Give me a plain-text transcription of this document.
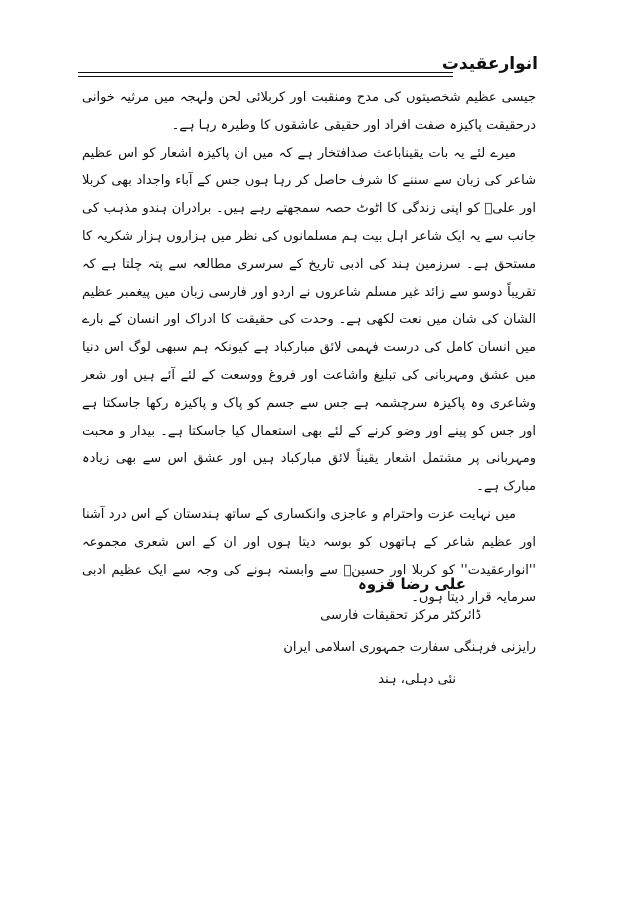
انوارعقیدت

جیسی عظیم شخصیتوں کی مدح ومنقبت اور کربلائی لحن ولہجہ میں مرثیہ خوانی درحقیقت پاکیزہ صفت افراد اور حقیقی عاشقوں کا وطیرہ رہا ہے۔

میرے لئے یہ بات یقیناباعث صدافتخار ہے کہ میں ان پاکیزہ اشعار کو اس عظیم شاعر کی زبان سے سننے کا شرف حاصل کر رہا ہوں جس کے آباء واجداد بھی کربلا اور علیؑ کو اپنی زندگی کا اٹوٹ حصہ سمجھتے رہے ہیں۔ برادران ہندو مذہب کی جانب سے یہ ایک شاعر اہل بیت ہم مسلمانوں کی نظر میں ہزاروں ہزار شکریہ کا مستحق ہے۔ سرزمین ہند کی ادبی تاریخ کے سرسری مطالعہ سے پتہ چلتا ہے کہ تقریباً دوسو سے زائد غیر مسلم شاعروں نے اردو اور فارسی زبان میں پیغمبر عظیم الشان کی شان میں نعت لکھی ہے۔ وحدت کی حقیقت کا ادراک اور انسان کے بارے میں انسان کامل کی درست فہمی لائق مبارکباد ہے کیونکہ ہم سبھی لوگ اس دنیا میں عشق ومہربانی کی تبلیغ واشاعت اور فروغ ووسعت کے لئے آئے ہیں اور شعر وشاعری وہ پاکیزہ سرچشمہ ہے جس سے جسم کو پاک و پاکیزہ رکھا جاسکتا ہے اور جس کو پینے اور وضو کرنے کے لئے بھی استعمال کیا جاسکتا ہے۔ بیدار و محبت ومہربانی پر مشتمل اشعار یقیناً لائق مبارکباد ہیں اور عشق اس سے بھی زیادہ مبارک ہے۔

میں نہایت عزت واحترام و عاجزی وانکساری کے ساتھ ہندستان کے اس درد آشنا اور عظیم شاعر کے ہاتھوں کو بوسہ دیتا ہوں اور ان کے اس شعری مجموعہ ''انوارعقیدت'' کو کربلا اور حسینؑ سے وابستہ ہونے کی وجہ سے ایک عظیم ادبی سرمایہ قرار دیتا ہوں۔

علی رضا قزوہ
ڈائرکٹر مرکز تحقیقات فارسی
رایزنی فرہنگی سفارت جمہوری اسلامی ایران
نئی دہلی، ہند
